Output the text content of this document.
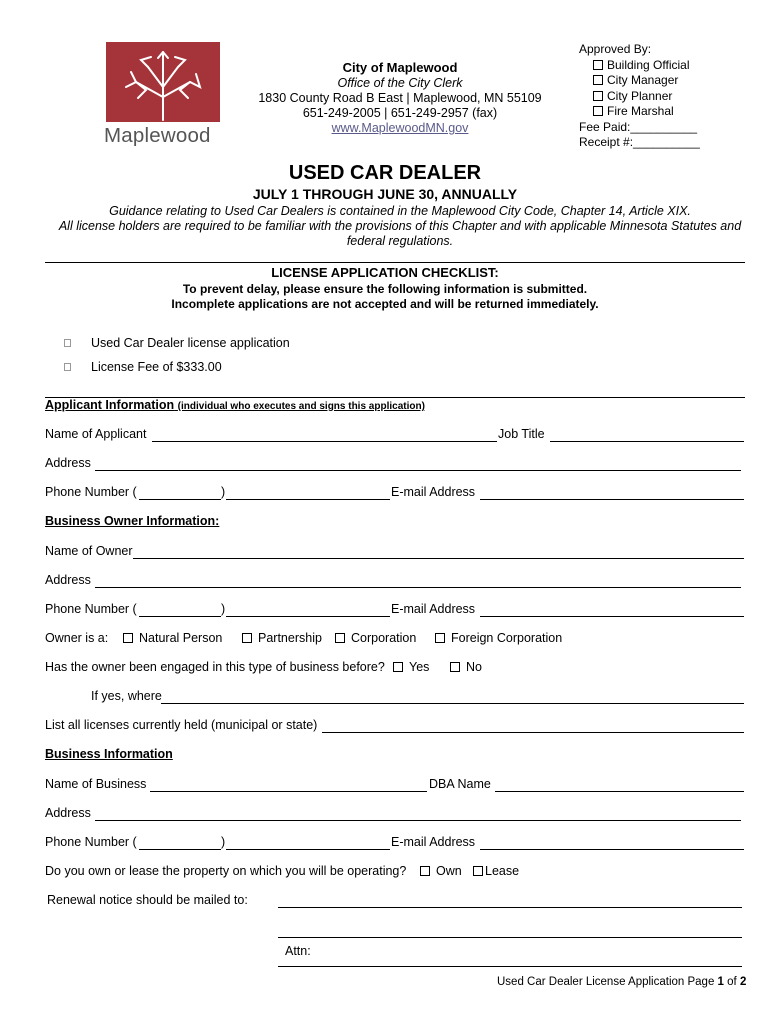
Maplewood
City of Maplewood
Office of the City Clerk
1830 County Road B East | Maplewood, MN 55109
651-249-2005 | 651-249-2957 (fax)
www.MaplewoodMN.gov
Approved By:
Building Official
City Manager
City Planner
Fire Marshal
Fee Paid:__________
Receipt #:__________
USED CAR DEALER
JULY 1 THROUGH JUNE 30, ANNUALLY
Guidance relating to Used Car Dealers is contained in the Maplewood City Code, Chapter 14, Article XIX.
All license holders are required to be familiar with the provisions of this Chapter and with applicable Minnesota Statutes and federal regulations.
LICENSE APPLICATION CHECKLIST:
To prevent delay, please ensure the following information is submitted.
Incomplete applications are not accepted and will be returned immediately.
Used Car Dealer license application
License Fee of $333.00
Applicant Information (individual who executes and signs this application)
Name of Applicant	Job Title
Address
Phone Number (	)	E-mail Address
Business Owner Information:
Name of Owner
Address
Phone Number (	)	E-mail Address
Owner is a:	Natural Person	Partnership	Corporation	Foreign Corporation
Has the owner been engaged in this type of business before?	Yes	No
If yes, where
List all licenses currently held (municipal or state)
Business Information
Name of Business	DBA Name
Address
Phone Number (	)	E-mail Address
Do you own or lease the property on which you will be operating?	Own	Lease
Renewal notice should be mailed to:
Attn:
Used Car Dealer License Application Page 1 of 2
